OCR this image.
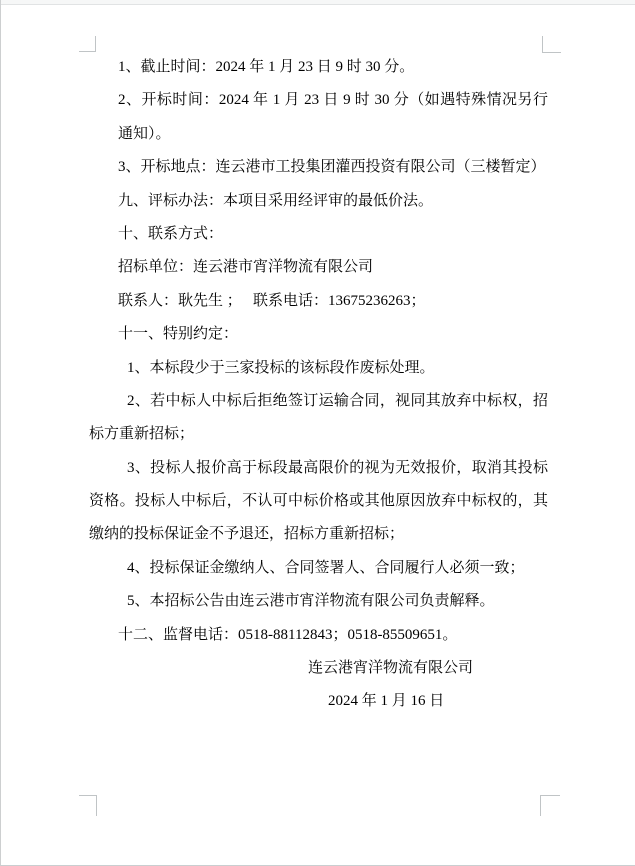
1、截止时间：2024 年 1 月 23 日 9 时 30 分。
2、开标时间：2024 年 1 月 23 日 9 时 30 分（如遇特殊情况另行
通知）。
3、开标地点：连云港市工投集团灌西投资有限公司（三楼暂定）
九、评标办法：本项目采用经评审的最低价法。
十、联系方式：
招标单位：连云港市宵洋物流有限公司
联系人：耿先生 ；   联系电话：13675236263；
十一、特别约定：
1、本标段少于三家投标的该标段作废标处理。
2、若中标人中标后拒绝签订运输合同，视同其放弃中标权，招
标方重新招标；
3、投标人报价高于标段最高限价的视为无效报价，取消其投标
资格。投标人中标后，不认可中标价格或其他原因放弃中标权的，其
缴纳的投标保证金不予退还，招标方重新招标；
4、投标保证金缴纳人、合同签署人、合同履行人必须一致；
5、本招标公告由连云港市宵洋物流有限公司负责解释。
十二、监督电话：0518-88112843；0518-85509651。
连云港宵洋物流有限公司
2024 年 1 月 16 日
